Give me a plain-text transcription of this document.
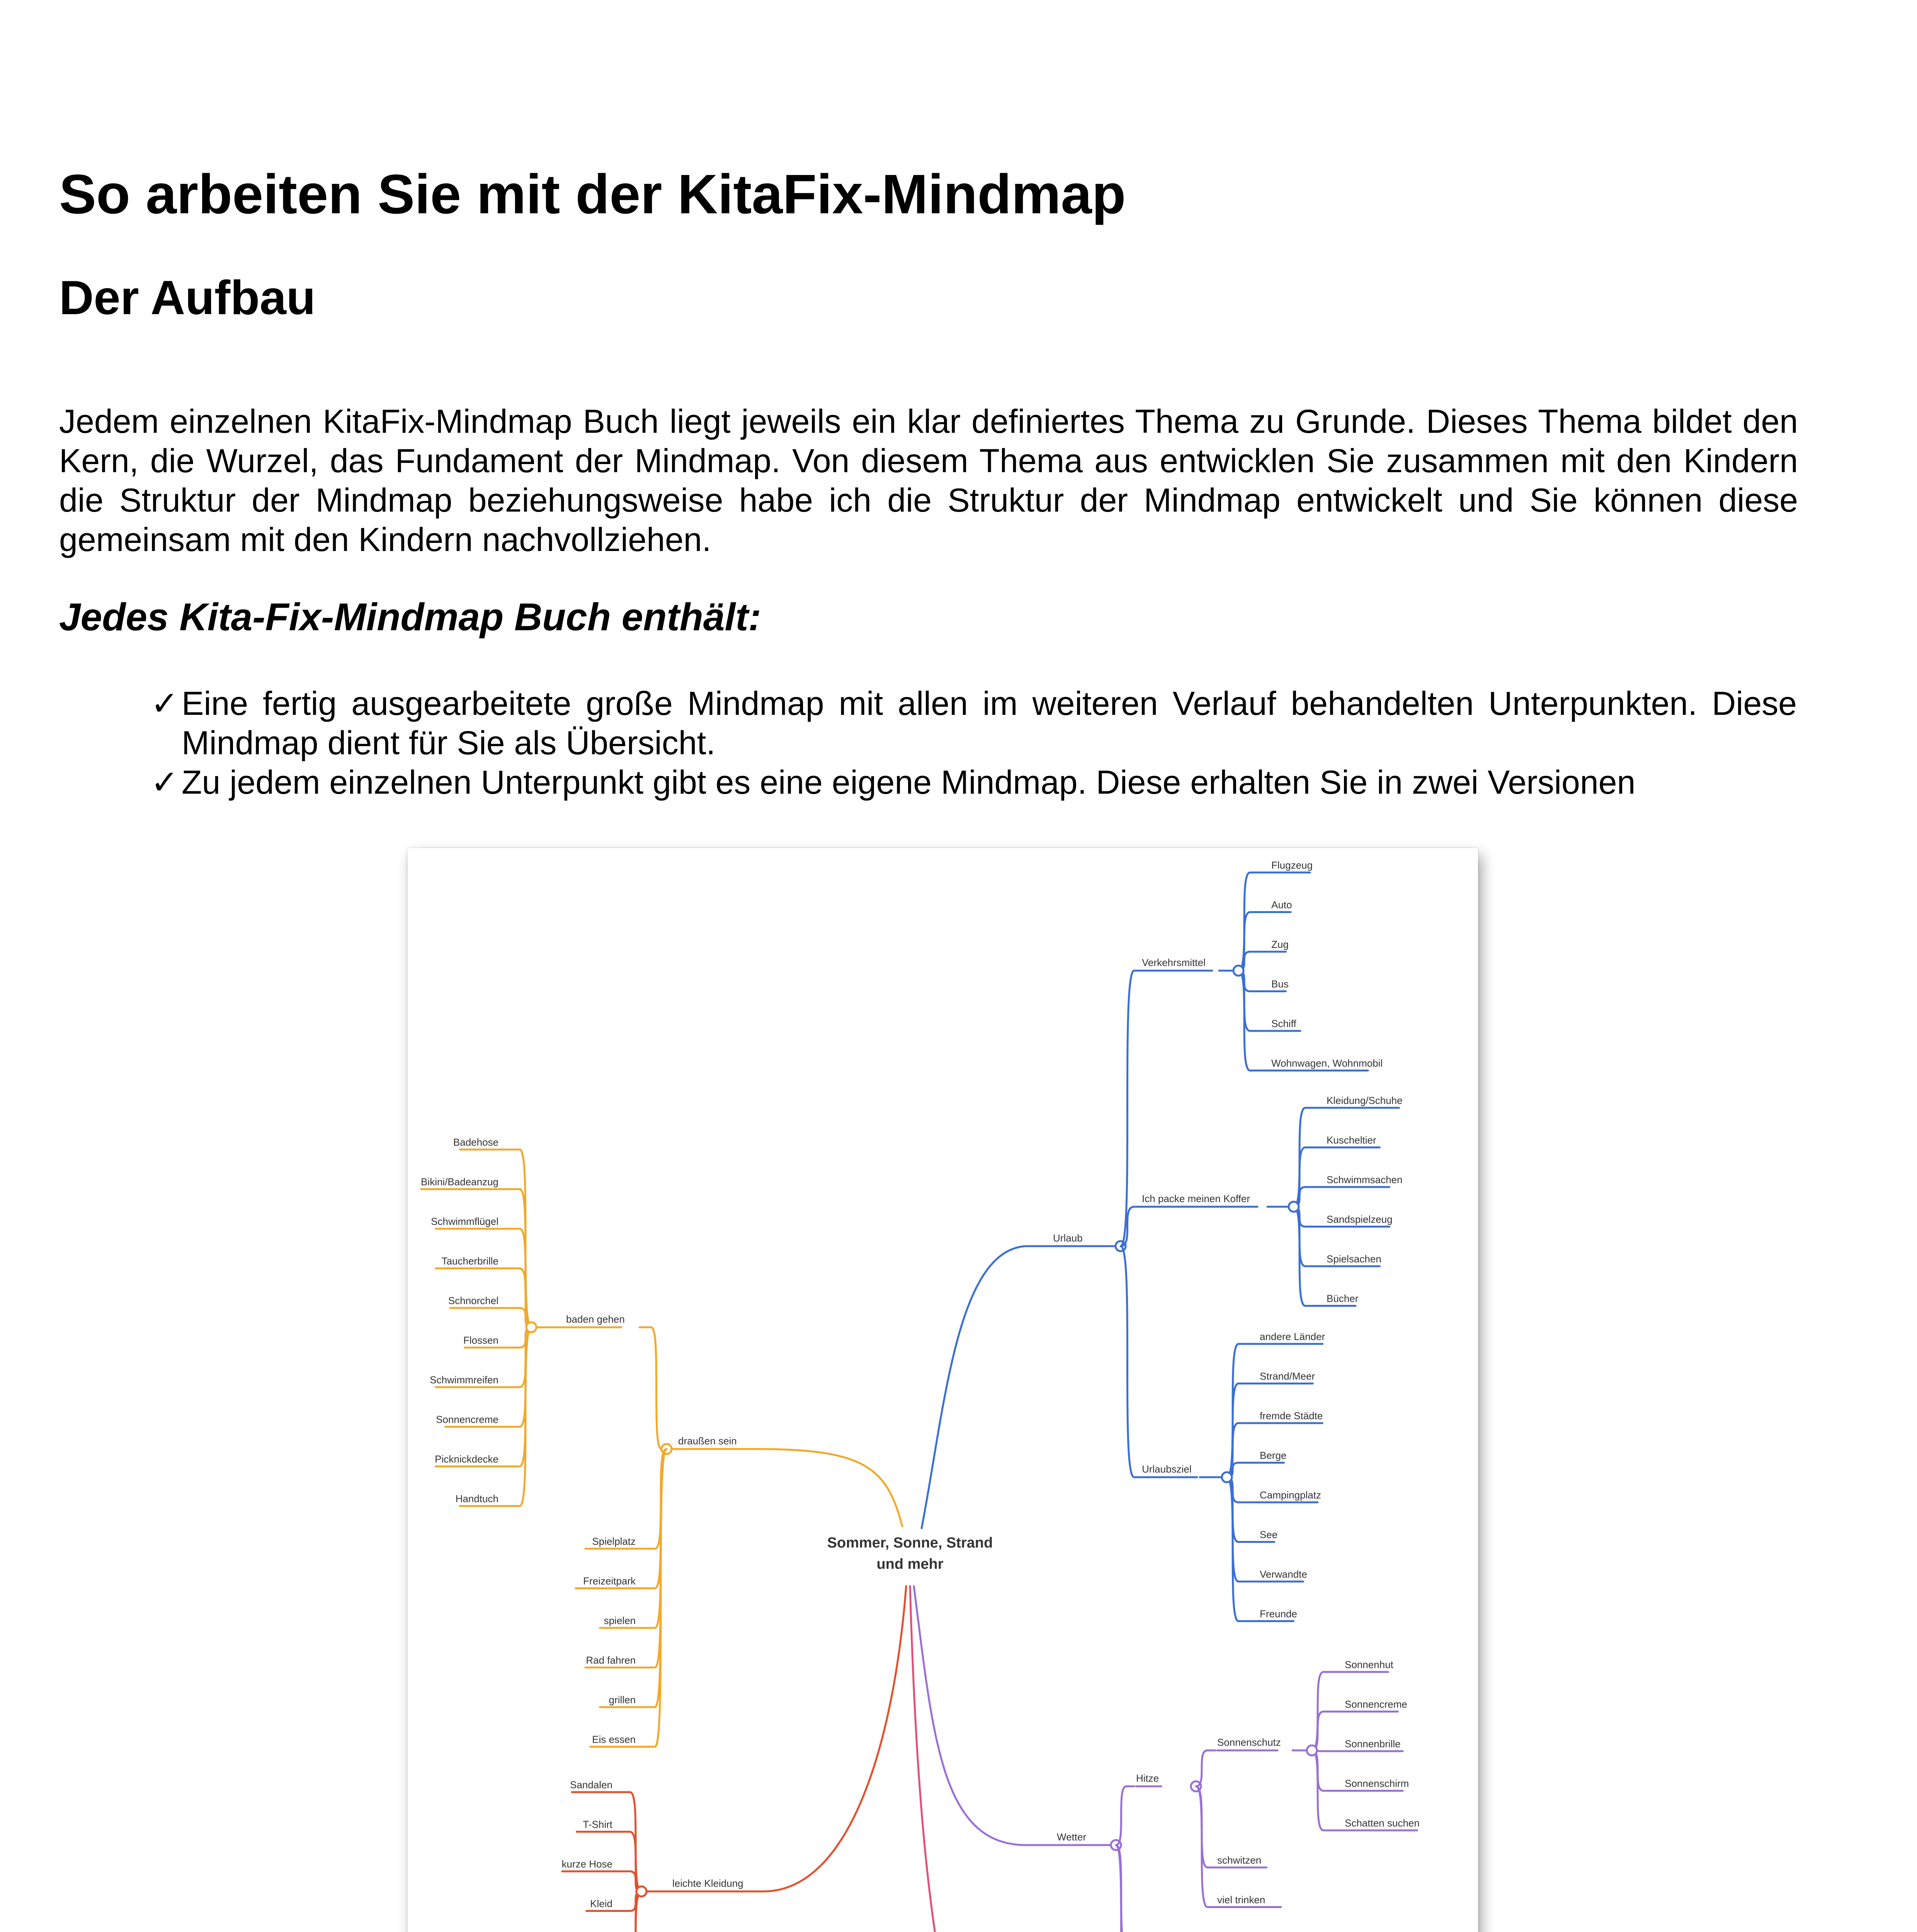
So arbeiten Sie mit der KitaFix-Mindmap
Der Aufbau

Jedem einzelnen KitaFix-Mindmap Buch liegt jeweils ein klar definiertes Thema zu Grunde. Dieses Thema bildet den Kern, die Wurzel, das Fundament der Mindmap. Von diesem Thema aus entwicklen Sie zusammen mit den Kindern die Struktur der Mindmap beziehungsweise habe ich die Struktur der Mindmap entwickelt und Sie können diese gemeinsam mit den Kindern nachvollziehen.

Jedes Kita-Fix-Mindmap Buch enthält:
✓ Eine fertig ausgearbeitete große Mindmap mit allen im weiteren Verlauf behandelten Unterpunkten. Diese Mindmap dient für Sie als Übersicht.
✓ Zu jedem einzelnen Unterpunkt gibt es eine eigene Mindmap. Diese erhalten Sie in zwei Versionen
Sommer, Sonne, Strand
und mehr
Urlaub
Verkehrsmittel
Flugzeug
Auto
Zug
Bus
Schiff
Wohnwagen, Wohnmobil
Ich packe meinen Koffer
Kleidung/Schuhe
Kuscheltier
Schwimmsachen
Sandspielzeug
Spielsachen
Bücher
Urlaubsziel
andere Länder
Strand/Meer
fremde Städte
Berge
Campingplatz
See
Verwandte
Freunde
draußen sein
baden gehen
Badehose
Bikini/Badeanzug
Schwimmflügel
Taucherbrille
Schnorchel
Flossen
Schwimmreifen
Sonnencreme
Picknickdecke
Handtuch
Spielplatz
Freizeitpark
spielen
Rad fahren
grillen
Eis essen
leichte Kleidung
Sandalen
T-Shirt
kurze Hose
Kleid
Wetter
Hitze
Sonnenschutz
Sonnenhut
Sonnencreme
Sonnenbrille
Sonnenschirm
Schatten suchen
schwitzen
viel trinken
